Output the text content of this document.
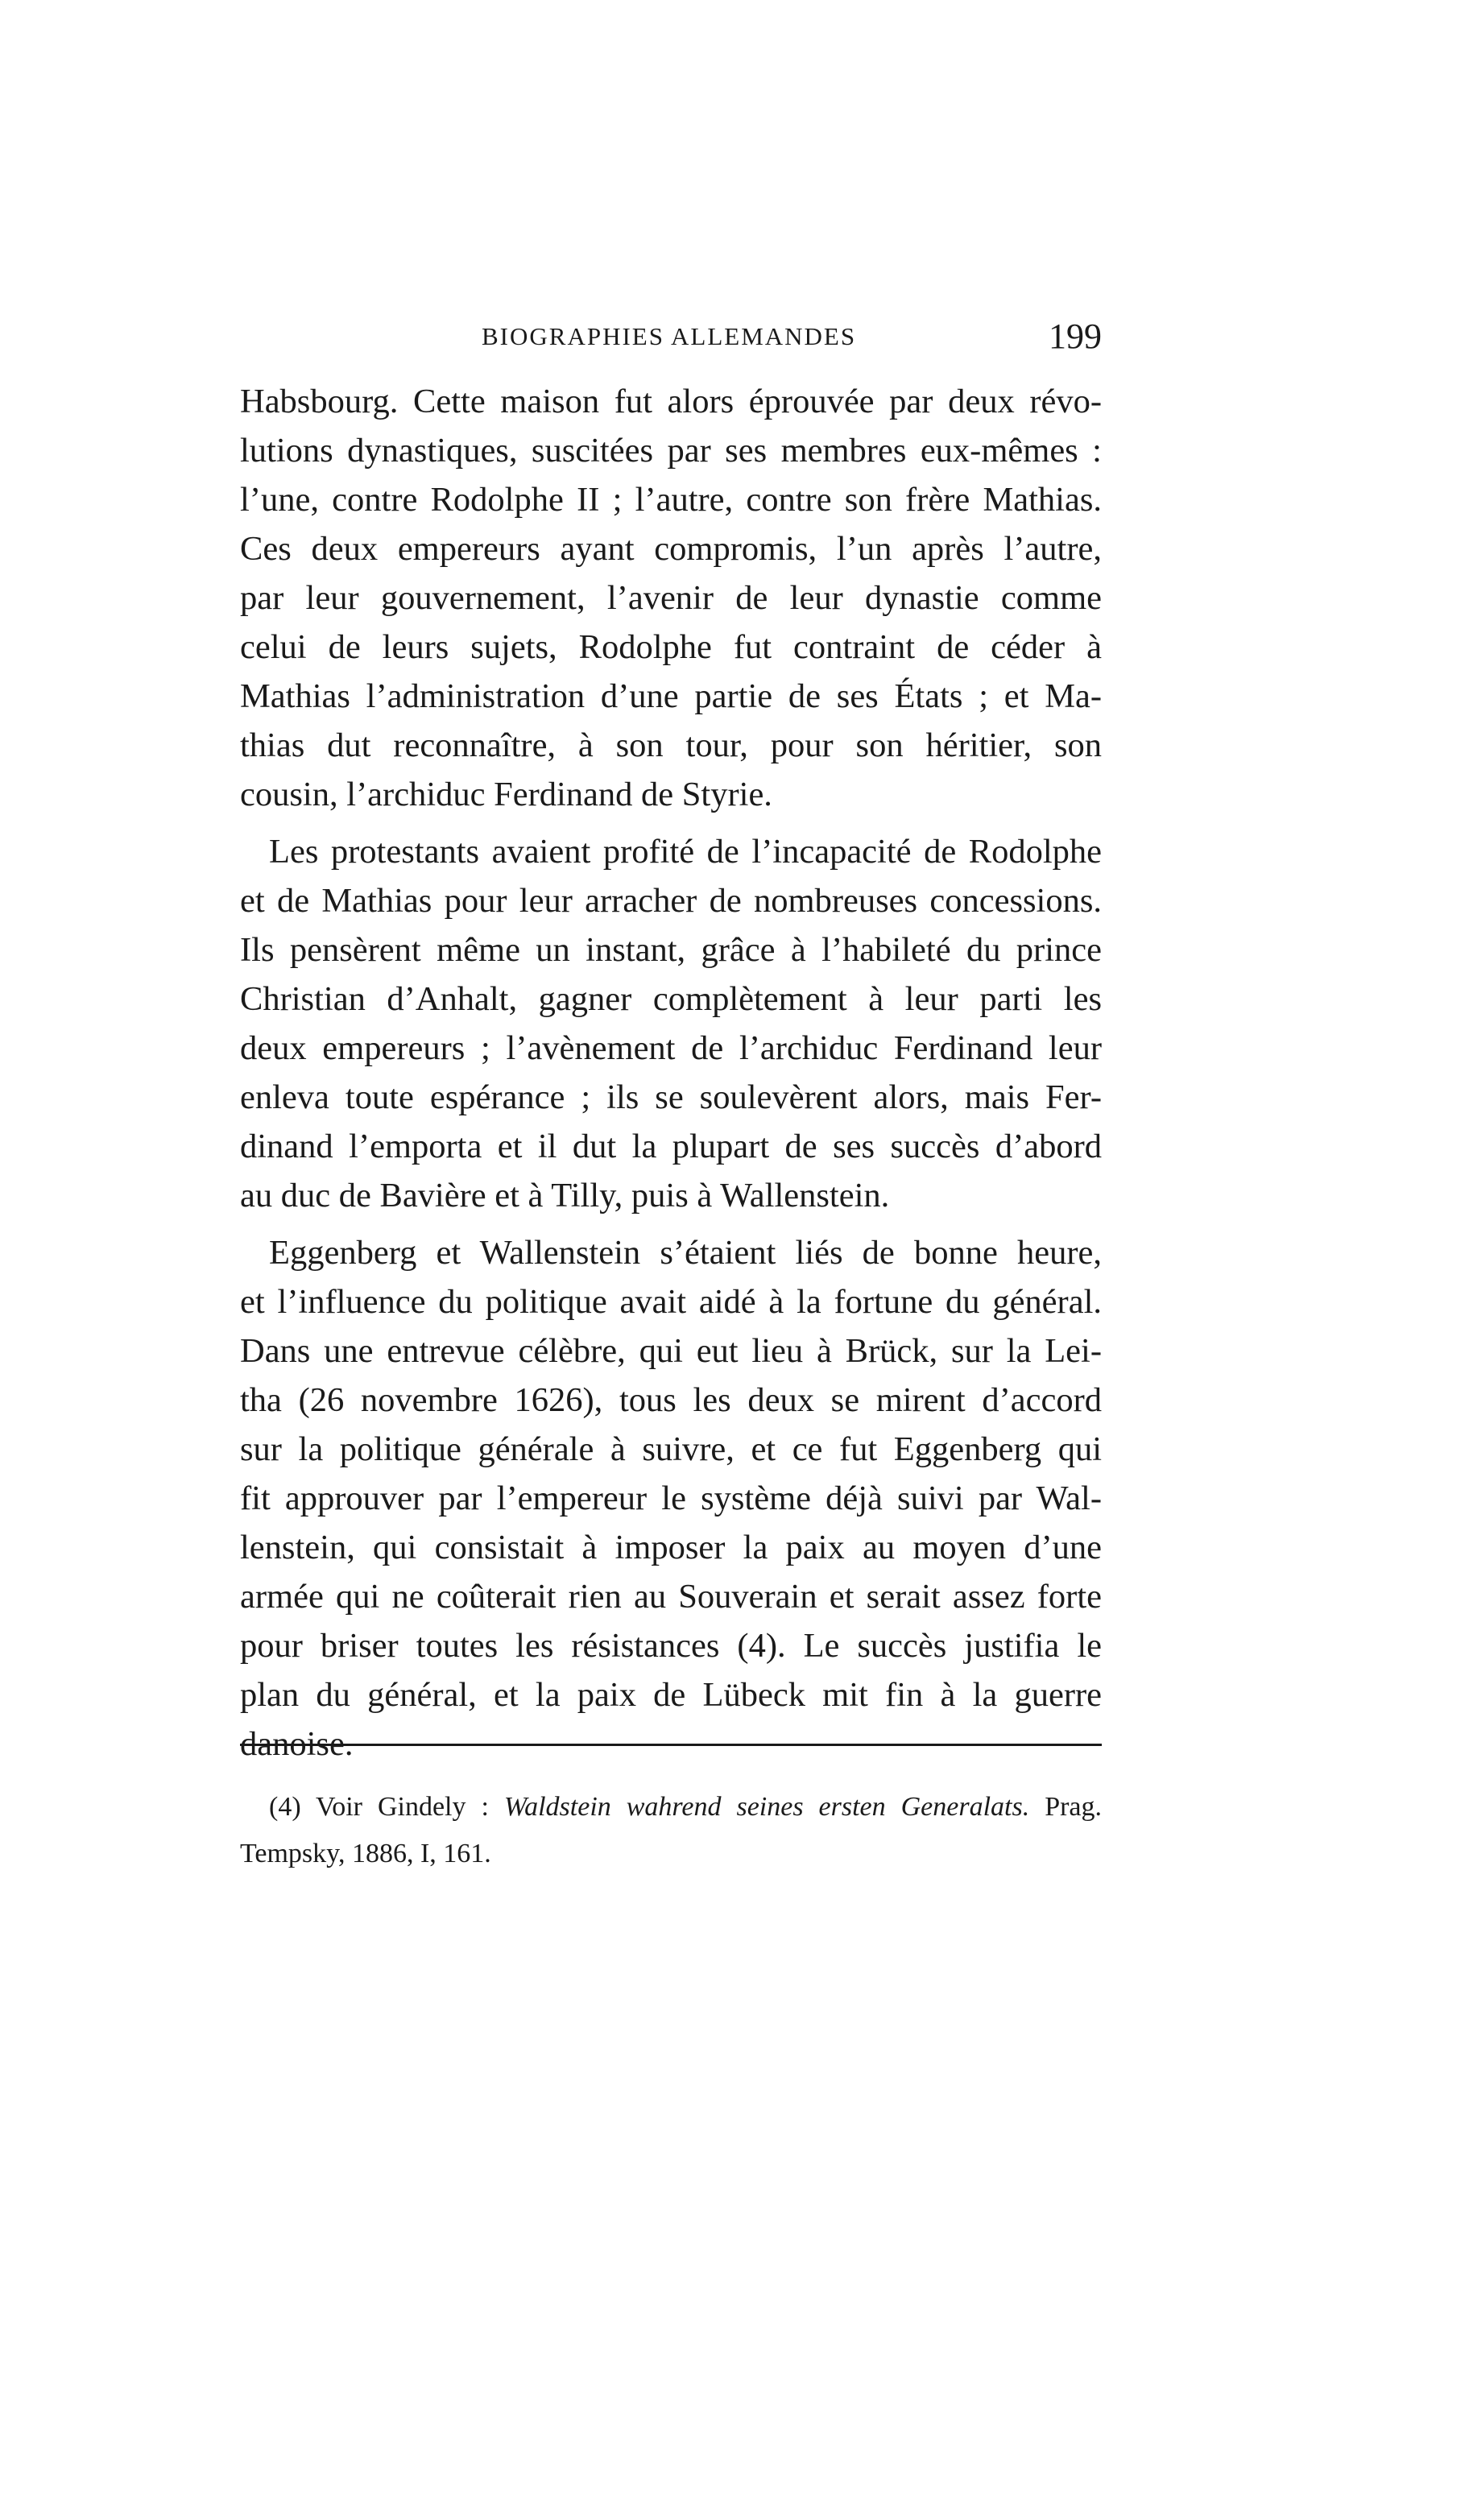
BIOGRAPHIES ALLEMANDES	199
Habsbourg. Cette maison fut alors éprouvée par deux révo-
lutions dynastiques, suscitées par ses membres eux-mêmes :
l’une, contre Rodolphe II ; l’autre, contre son frère Mathias.
Ces deux empereurs ayant compromis, l’un après l’autre,
par leur gouvernement, l’avenir de leur dynastie comme
celui de leurs sujets, Rodolphe fut contraint de céder à
Mathias l’administration d’une partie de ses États ; et Ma-
thias dut reconnaître, à son tour, pour son héritier, son
cousin, l’archiduc Ferdinand de Styrie.
Les protestants avaient profité de l’incapacité de Rodolphe
et de Mathias pour leur arracher de nombreuses concessions.
Ils pensèrent même un instant, grâce à l’habileté du prince
Christian d’Anhalt, gagner complètement à leur parti les
deux empereurs ; l’avènement de l’archiduc Ferdinand leur
enleva toute espérance ; ils se soulevèrent alors, mais Fer-
dinand l’emporta et il dut la plupart de ses succès d’abord
au duc de Bavière et à Tilly, puis à Wallenstein.
Eggenberg et Wallenstein s’étaient liés de bonne heure,
et l’influence du politique avait aidé à la fortune du général.
Dans une entrevue célèbre, qui eut lieu à Brück, sur la Lei-
tha (26 novembre 1626), tous les deux se mirent d’accord
sur la politique générale à suivre, et ce fut Eggenberg qui
fit approuver par l’empereur le système déjà suivi par Wal-
lenstein, qui consistait à imposer la paix au moyen d’une
armée qui ne coûterait rien au Souverain et serait assez forte
pour briser toutes les résistances (4). Le succès justifia le
plan du général, et la paix de Lübeck mit fin à la guerre
danoise.
(4) Voir Gindely : Waldstein wahrend seines ersten Generalats. Prag.
Tempsky, 1886, I, 161.
